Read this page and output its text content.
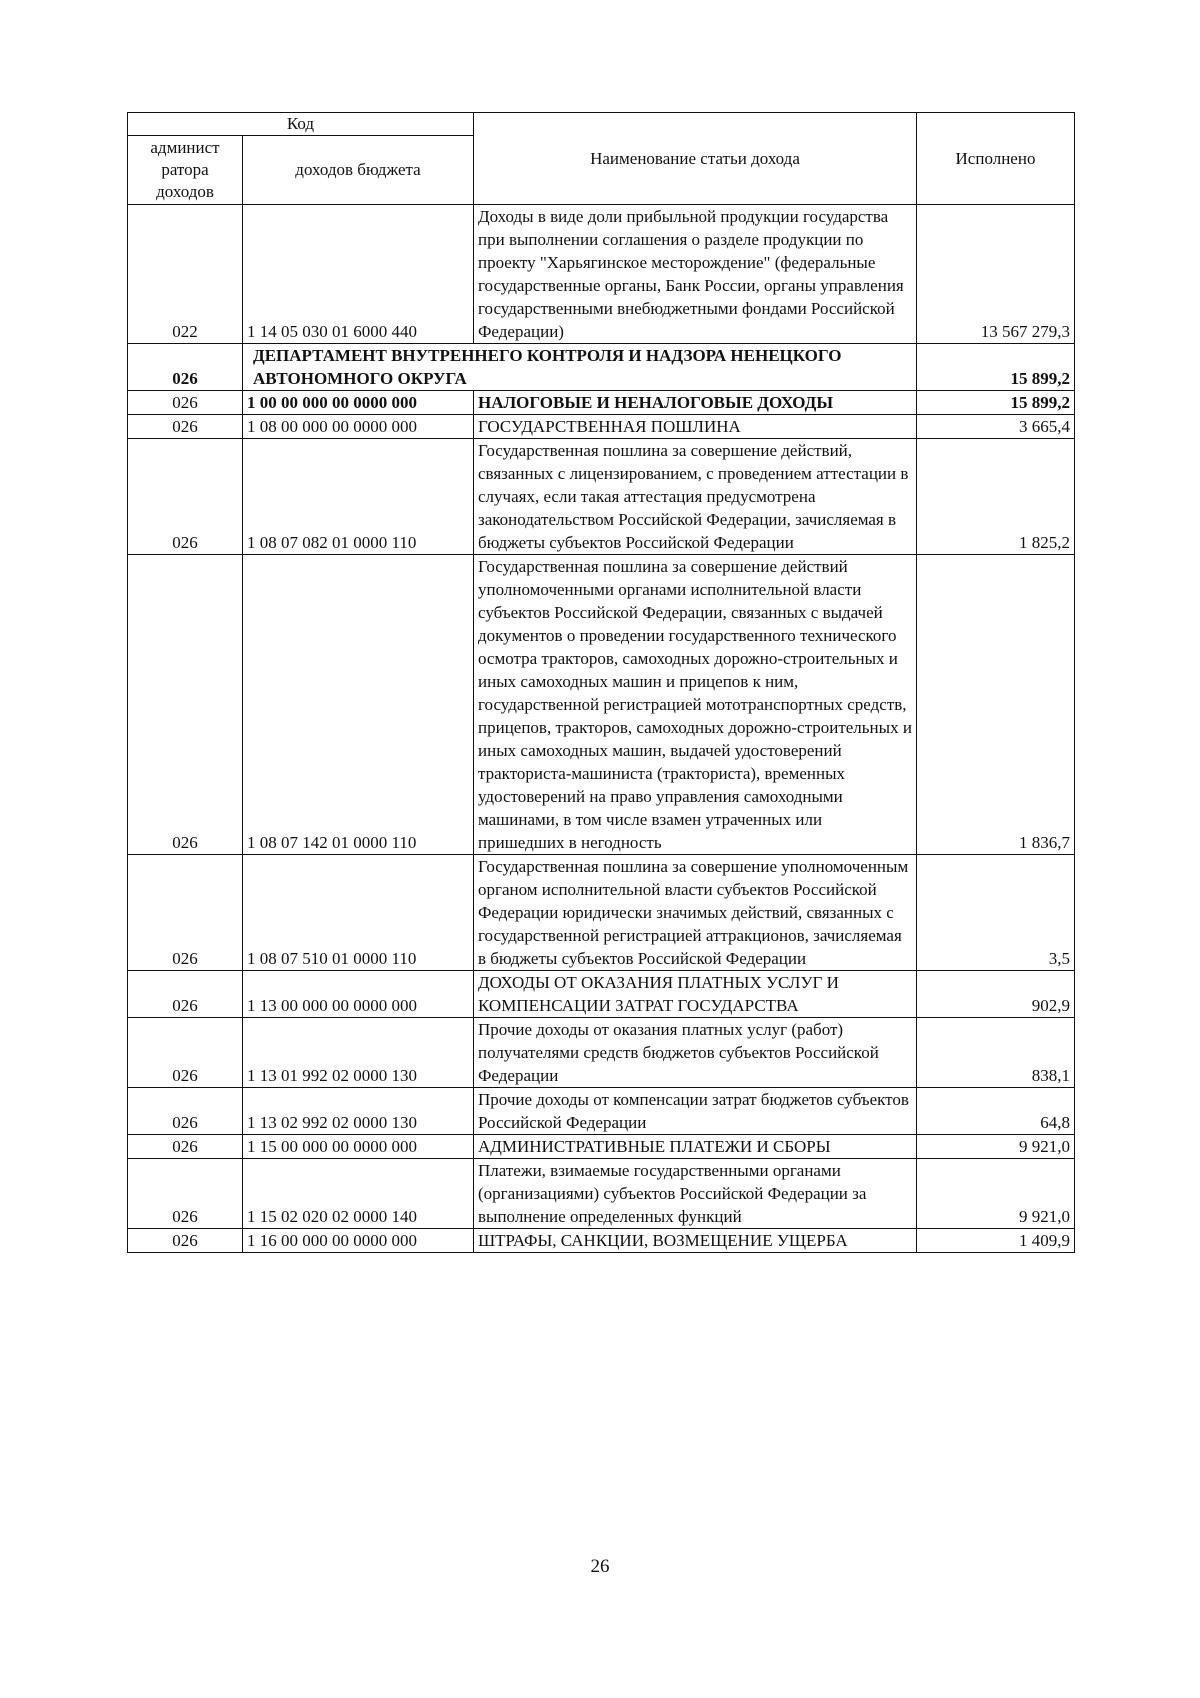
Код		Наименование статьи дохода	Исполнено
админист
ратора
доходов	доходов бюджета		
022	1 14 05 030 01 6000 440	Доходы в виде доли прибыльной продукции государства при выполнении соглашения о разделе продукции по проекту "Харьягинское месторождение" (федеральные государственные органы, Банк России, органы управления государственными внебюджетными фондами Российской Федерации)	13 567 279,3
026	ДЕПАРТАМЕНТ ВНУТРЕННЕГО КОНТРОЛЯ И НАДЗОРА НЕНЕЦКОГО АВТОНОМНОГО ОКРУГА		15 899,2
026	1 00 00 000 00 0000 000	НАЛОГОВЫЕ И НЕНАЛОГОВЫЕ ДОХОДЫ	15 899,2
026	1 08 00 000 00 0000 000	ГОСУДАРСТВЕННАЯ ПОШЛИНА	3 665,4
026	1 08 07 082 01 0000 110	Государственная пошлина за совершение действий, связанных с лицензированием, с проведением аттестации в случаях, если такая аттестация предусмотрена законодательством Российской Федерации, зачисляемая в бюджеты субъектов Российской Федерации	1 825,2
026	1 08 07 142 01 0000 110	Государственная пошлина за совершение действий уполномоченными органами исполнительной власти субъектов Российской Федерации, связанных с выдачей документов о проведении государственного технического осмотра тракторов, самоходных дорожно-строительных и иных самоходных машин и прицепов к ним, государственной регистрацией мототранспортных средств, прицепов, тракторов, самоходных дорожно-строительных и иных самоходных машин, выдачей удостоверений тракториста-машиниста (тракториста), временных удостоверений на право управления самоходными машинами, в том числе взамен утраченных или пришедших в негодность	1 836,7
026	1 08 07 510 01 0000 110	Государственная пошлина за совершение уполномоченным органом исполнительной власти субъектов Российской Федерации юридически значимых действий, связанных с государственной регистрацией аттракционов, зачисляемая в бюджеты субъектов Российской Федерации	3,5
026	1 13 00 000 00 0000 000	ДОХОДЫ ОТ ОКАЗАНИЯ ПЛАТНЫХ УСЛУГ И КОМПЕНСАЦИИ ЗАТРАТ ГОСУДАРСТВА	902,9
026	1 13 01 992 02 0000 130	Прочие доходы от оказания платных услуг (работ) получателями средств бюджетов субъектов Российской Федерации	838,1
026	1 13 02 992 02 0000 130	Прочие доходы от компенсации затрат бюджетов субъектов Российской Федерации	64,8
026	1 15 00 000 00 0000 000	АДМИНИСТРАТИВНЫЕ ПЛАТЕЖИ И СБОРЫ	9 921,0
026	1 15 02 020 02 0000 140	Платежи, взимаемые государственными органами (организациями) субъектов Российской Федерации за выполнение определенных функций	9 921,0
026	1 16 00 000 00 0000 000	ШТРАФЫ, САНКЦИИ, ВОЗМЕЩЕНИЕ УЩЕРБА	1 409,9
26
